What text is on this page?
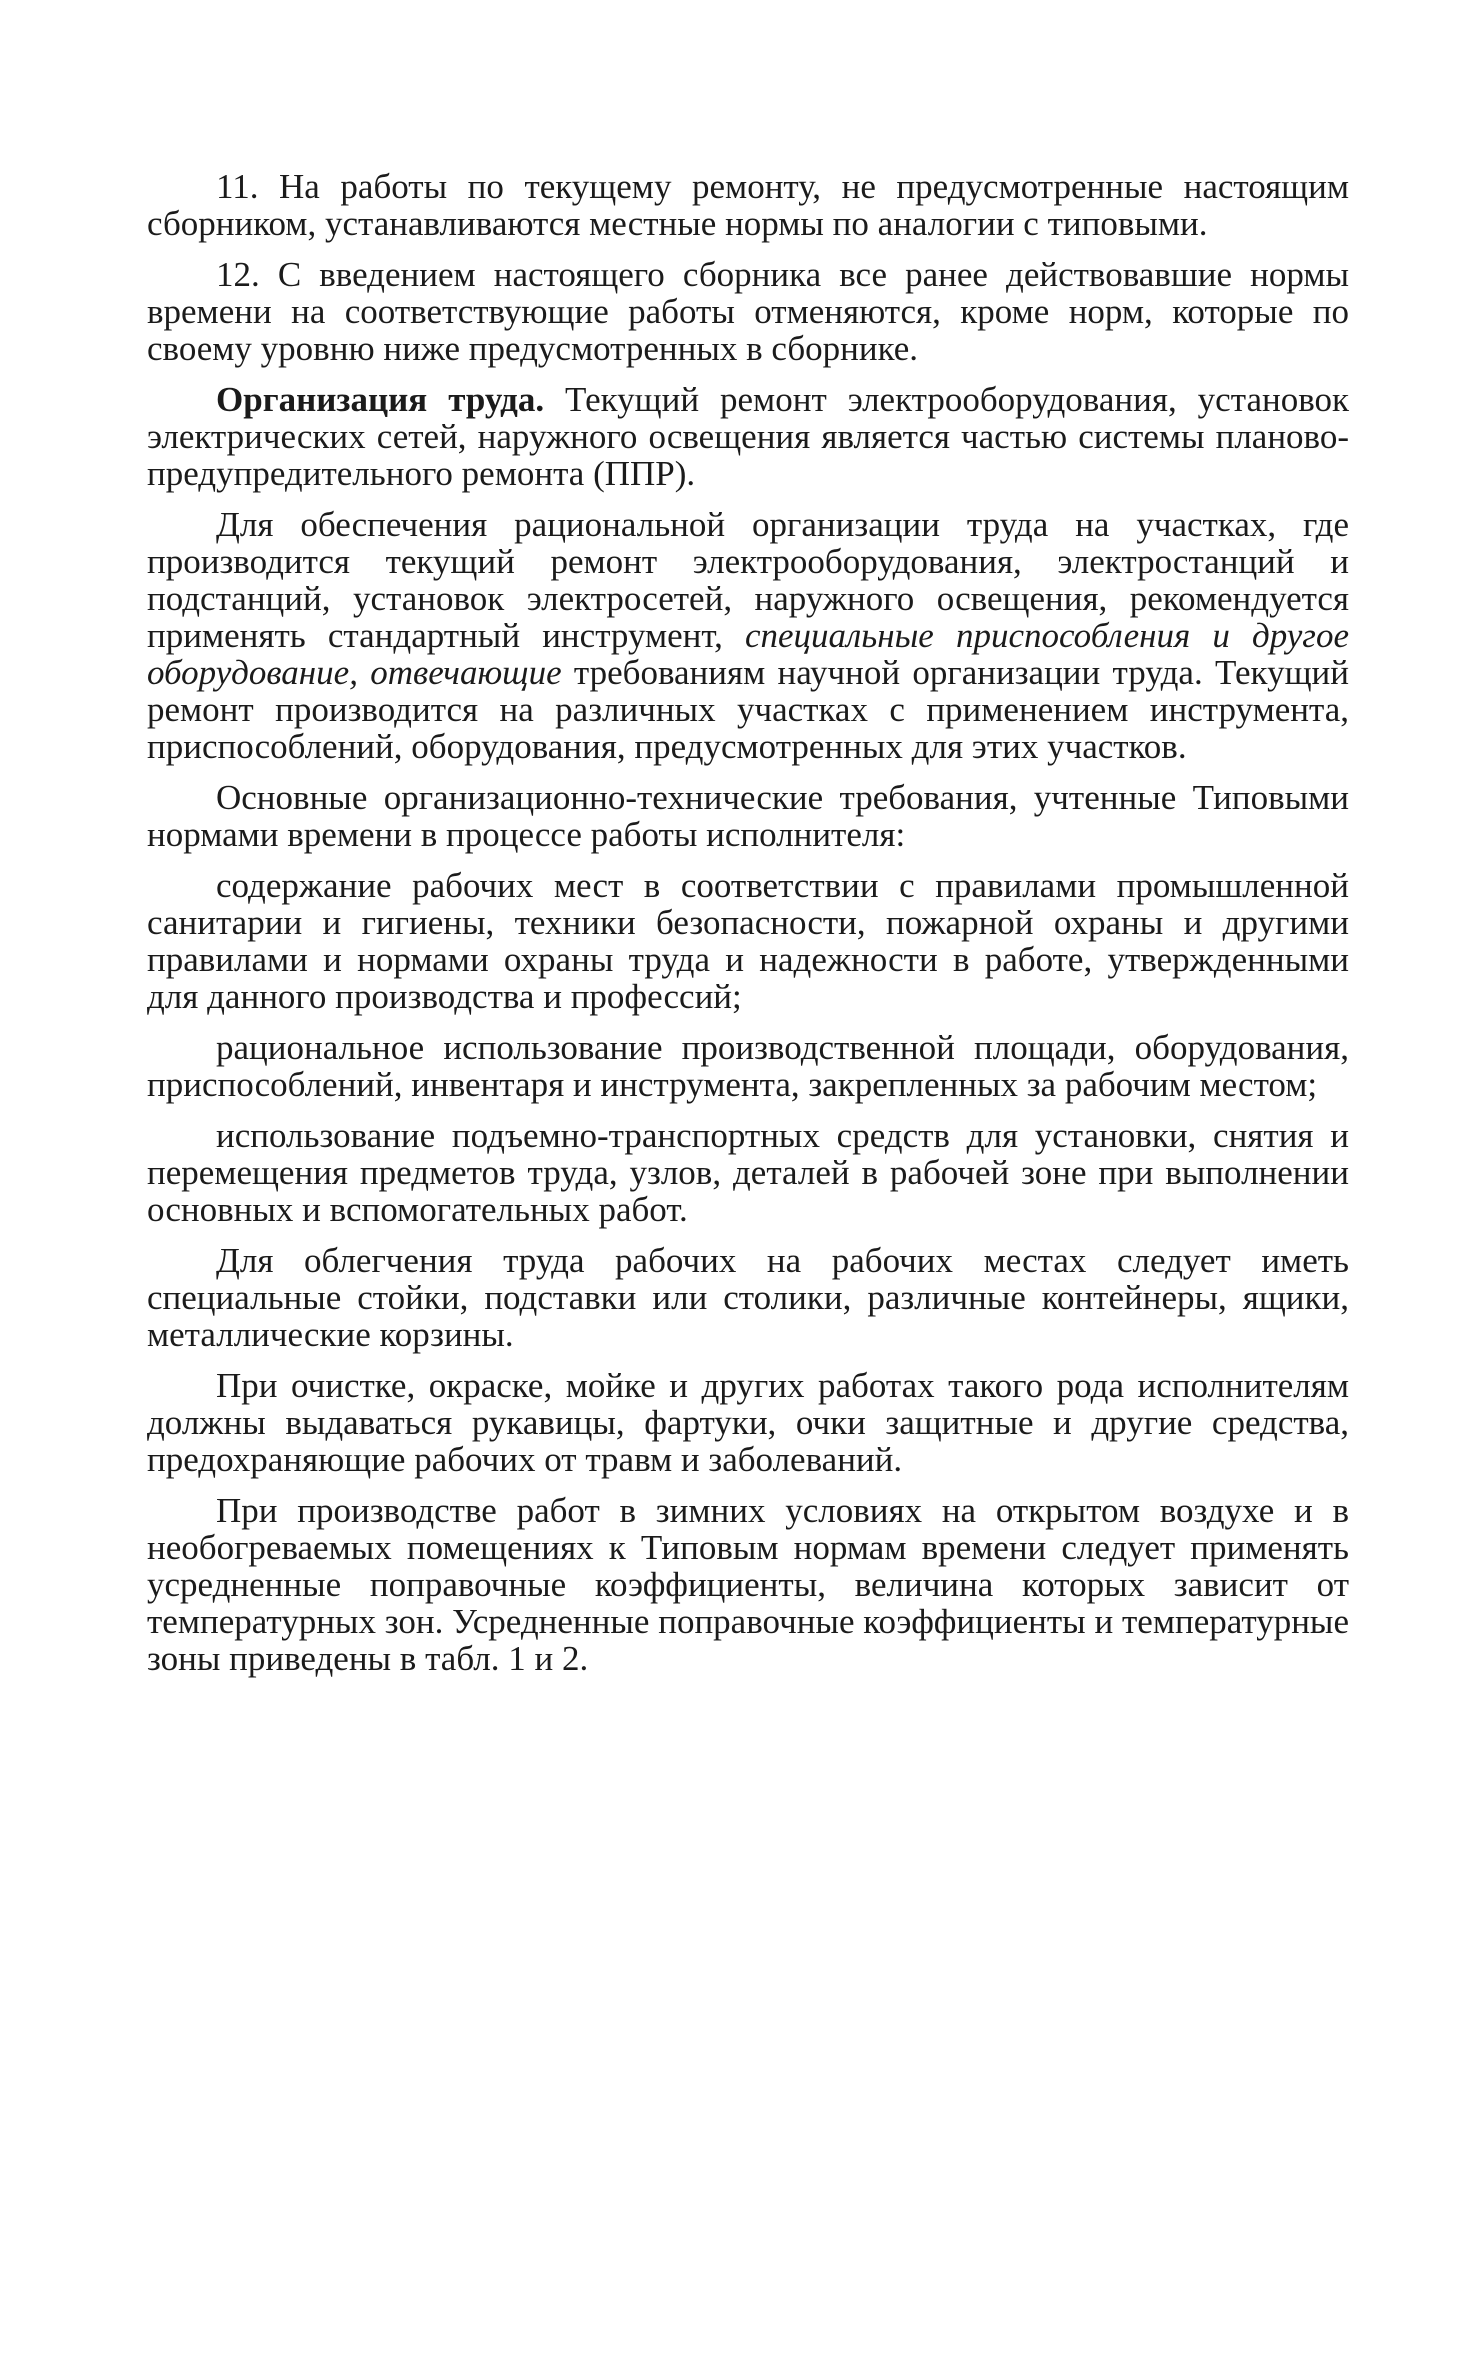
11. На работы по текущему ремонту, не предусмотренные настоящим сборником, устанавливаются местные нормы по аналогии с типовыми.

12. С введением настоящего сборника все ранее действовавшие нормы времени на соответствующие работы отменяются, кроме норм, которые по своему уровню ниже предусмотренных в сборнике.

Организация труда. Текущий ремонт электрооборудования, установок электрических сетей, наружного освещения является частью системы планово-предупредительного ремонта (ППР).

Для обеспечения рациональной организации труда на участках, где производится текущий ремонт электрооборудования, электростанций и подстанций, установок электросетей, наружного освещения, рекомендуется применять стандартный инструмент, специальные приспособления и другое оборудование, отвечающие требованиям научной организации труда. Текущий ремонт производится на различных участках с применением инструмента, приспособлений, оборудования, предусмотренных для этих участков.

Основные организационно-технические требования, учтенные Типовыми нормами времени в процессе работы исполнителя:

содержание рабочих мест в соответствии с правилами промышленной санитарии и гигиены, техники безопасности, пожарной охраны и другими правилами и нормами охраны труда и надежности в работе, утвержденными для данного производства и профессий;

рациональное использование производственной площади, оборудования, приспособлений, инвентаря и инструмента, закрепленных за рабочим местом;

использование подъемно-транспортных средств для установки, снятия и перемещения предметов труда, узлов, деталей в рабочей зоне при выполнении основных и вспомогательных работ.

Для облегчения труда рабочих на рабочих местах следует иметь специальные стойки, подставки или столики, различные контейнеры, ящики, металлические корзины.

При очистке, окраске, мойке и других работах такого рода исполнителям должны выдаваться рукавицы, фартуки, очки защитные и другие средства, предохраняющие рабочих от травм и заболеваний.

При производстве работ в зимних условиях на открытом воздухе и в необогреваемых помещениях к Типовым нормам времени следует применять усредненные поправочные коэффициенты, величина которых зависит от температурных зон. Усредненные поправочные коэффициенты и температурные зоны приведены в табл. 1 и 2.
